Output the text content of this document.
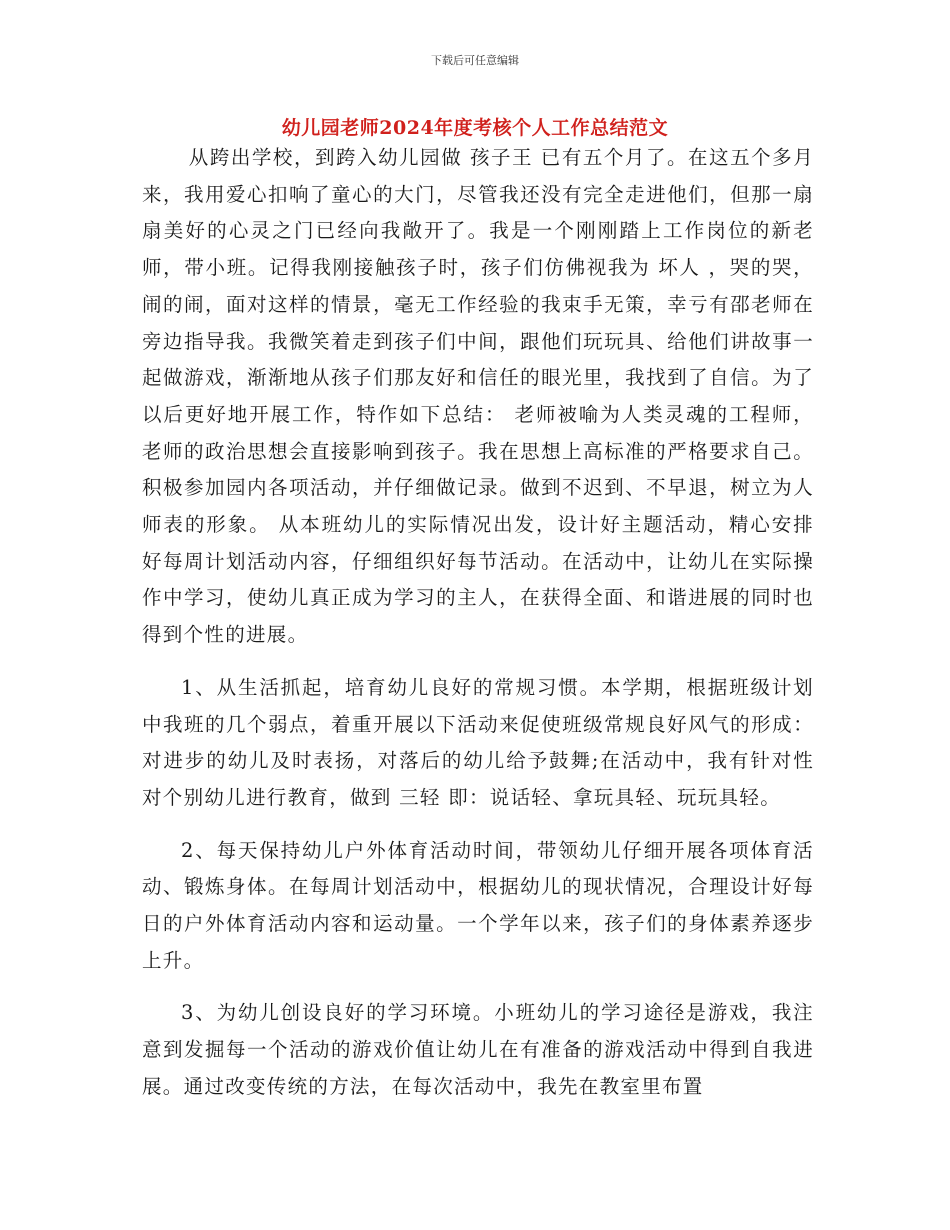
下载后可任意编辑
幼儿园老师2024年度考核个人工作总结范文

从跨出学校，到跨入幼儿园做 孩子王 已有五个月了。在这五个多月来，我用爱心扣响了童心的大门，尽管我还没有完全走进他们，但那一扇扇美好的心灵之门已经向我敞开了。我是一个刚刚踏上工作岗位的新老师，带小班。记得我刚接触孩子时，孩子们仿佛视我为 坏人 ，哭的哭，闹的闹，面对这样的情景，毫无工作经验的我束手无策，幸亏有邵老师在旁边指导我。我微笑着走到孩子们中间，跟他们玩玩具、给他们讲故事一起做游戏，渐渐地从孩子们那友好和信任的眼光里，我找到了自信。为了以后更好地开展工作，特作如下总结： 老师被喻为人类灵魂的工程师，老师的政治思想会直接影响到孩子。我在思想上高标准的严格要求自己。积极参加园内各项活动，并仔细做记录。做到不迟到、不早退，树立为人师表的形象。 从本班幼儿的实际情况出发，设计好主题活动，精心安排好每周计划活动内容，仔细组织好每节活动。在活动中，让幼儿在实际操作中学习，使幼儿真正成为学习的主人，在获得全面、和谐进展的同时也得到个性的进展。

1、从生活抓起，培育幼儿良好的常规习惯。本学期，根据班级计划中我班的几个弱点，着重开展以下活动来促使班级常规良好风气的形成：对进步的幼儿及时表扬，对落后的幼儿给予鼓舞;在活动中，我有针对性对个别幼儿进行教育，做到 三轻 即：说话轻、拿玩具轻、玩玩具轻。

2、每天保持幼儿户外体育活动时间，带领幼儿仔细开展各项体育活动、锻炼身体。在每周计划活动中，根据幼儿的现状情况，合理设计好每日的户外体育活动内容和运动量。一个学年以来，孩子们的身体素养逐步上升。

3、为幼儿创设良好的学习环境。小班幼儿的学习途径是游戏，我注意到发掘每一个活动的游戏价值让幼儿在有准备的游戏活动中得到自我进展。通过改变传统的方法，在每次活动中，我先在教室里布置
